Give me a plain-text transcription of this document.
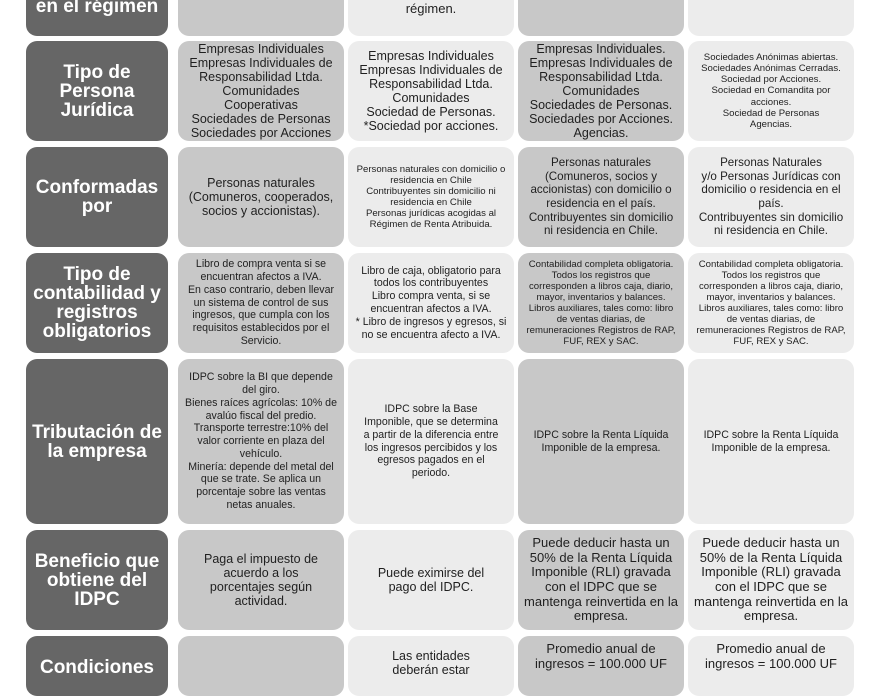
en el régimen	régimen.
Tipo de Persona Jurídica
Empresas Individuales
Empresas Individuales de Responsabilidad Ltda.
Comunidades
Cooperativas
Sociedades de Personas
Sociedades por Acciones
Empresas Individuales
Empresas Individuales de Responsabilidad Ltda.
Comunidades
Sociedad de Personas.
*Sociedad por acciones.
Empresas Individuales.
Empresas Individuales de Responsabilidad Ltda.
Comunidades
Sociedades de Personas.
Sociedades por Acciones.
Agencias.
Sociedades Anónimas abiertas.
Sociedades Anónimas Cerradas.
Sociedad por Acciones.
Sociedad en Comandita por acciones.
Sociedad de Personas
Agencias.
Conformadas por
Personas naturales (Comuneros, cooperados, socios y accionistas).
Personas naturales con domicilio o residencia en Chile
Contribuyentes sin domicilio ni residencia en Chile
Personas jurídicas acogidas al Régimen de Renta Atribuida.
Personas naturales (Comuneros, socios y accionistas) con domicilio o residencia en el país.
Contribuyentes sin domicilio ni residencia en Chile.
Personas Naturales
y/o Personas Jurídicas con domicilio o residencia en el país.
Contribuyentes sin domicilio ni residencia en Chile.
Tipo de contabilidad y registros obligatorios
Libro de compra venta si se encuentran afectos a IVA.
En caso contrario, deben llevar un sistema de control de sus ingresos, que cumpla con los requisitos establecidos por el Servicio.
Libro de caja, obligatorio para todos los contribuyentes
Libro compra venta, si se encuentran afectos a IVA.
* Libro de ingresos y egresos, si no se encuentra afecto a IVA.
Contabilidad completa obligatoria.
Todos los registros que corresponden a libros caja, diario, mayor, inventarios y balances.
Libros auxiliares, tales como: libro de ventas diarias, de remuneraciones Registros de RAP, FUF, REX y SAC.
Contabilidad completa obligatoria.
Todos los registros que corresponden a libros caja, diario, mayor, inventarios y balances.
Libros auxiliares, tales como: libro de ventas diarias, de remuneraciones Registros de RAP, FUF, REX y SAC.
Tributación de la empresa
IDPC sobre la BI que depende del giro.
Bienes raíces agrícolas: 10% de avalúo fiscal del predio.
Transporte terrestre:10% del valor corriente en plaza del vehículo.
Minería: depende del metal del que se trate. Se aplica un porcentaje sobre las ventas netas anuales.
IDPC sobre la Base Imponible, que se determina a partir de la diferencia entre los ingresos percibidos y los egresos pagados en el periodo.
IDPC sobre la Renta Líquida Imponible de la empresa.
IDPC sobre la Renta Líquida Imponible de la empresa.
Beneficio que obtiene del IDPC
Paga el impuesto de acuerdo a los porcentajes según actividad.
Puede eximirse del pago del IDPC.
Puede deducir hasta un 50% de la Renta Líquida Imponible (RLI) gravada con el IDPC que se mantenga reinvertida en la empresa.
Puede deducir hasta un 50% de la Renta Líquida Imponible (RLI) gravada con el IDPC que se mantenga reinvertida en la empresa.
Condiciones
Las entidades deberán estar
Promedio anual de ingresos = 100.000 UF
Promedio anual de ingresos = 100.000 UF
